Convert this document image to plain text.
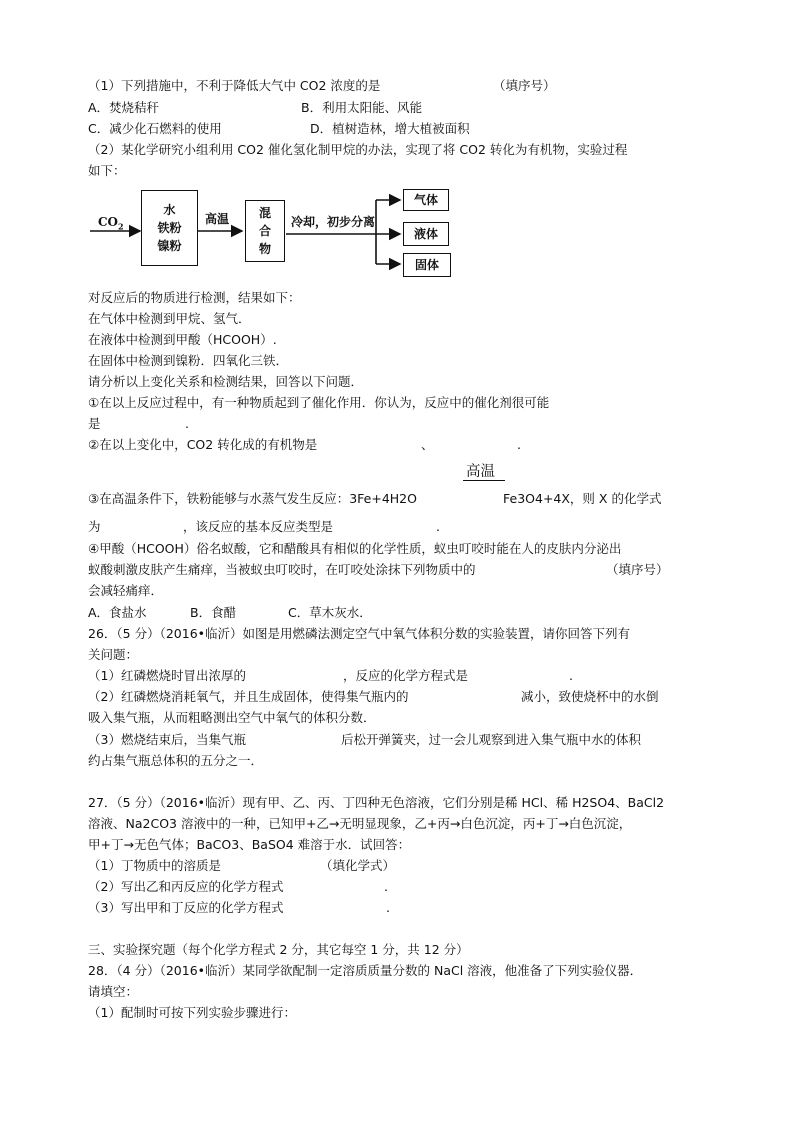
（1）下列措施中，不利于降低大气中 CO2 浓度的是	（填序号）
A．焚烧秸秆	B．利用太阳能、风能
C．减少化石燃料的使用	D．植树造林，增大植被面积
（2）某化学研究小组利用 CO2 催化氢化制甲烷的办法，实现了将 CO2 转化为有机物，实验过程
如下：
$CO_2$
水
铁粉
镍粉
高温 混
合
物
冷却，初步分离
气体
液体
固体
对反应后的物质进行检测，结果如下：
在气体中检测到甲烷、氢气．
在液体中检测到甲酸（HCOOH）.
在固体中检测到镍粉．四氧化三铁．
请分析以上变化关系和检测结果，回答以下问题．
①在以上反应过程中，有一种物质起到了催化作用．你认为，反应中的催化剂很可能
是	.
②在以上变化中，CO2 转化成的有机物是	、	.
高温
③在高温条件下，铁粉能够与水蒸气发生反应：3Fe+4H2O	Fe3O4+4X，则 X 的化学式
为	，该反应的基本反应类型是	.
④甲酸（HCOOH）俗名蚁酸，它和醋酸具有相似的化学性质，蚁虫叮咬时能在人的皮肤内分泌出
蚁酸刺激皮肤产生痛痒，当被蚁虫叮咬时，在叮咬处涂抹下列物质中的	（填序号）
会减轻痛痒．
A．食盐水	B．食醋	C．草木灰水．
26．（5 分）（2016•临沂）如图是用燃磷法测定空气中氧气体积分数的实验装置，请你回答下列有
关问题：
（1）红磷燃烧时冒出浓厚的	，反应的化学方程式是	.
（2）红磷燃烧消耗氧气，并且生成固体，使得集气瓶内的	减小，致使烧杯中的水倒
吸入集气瓶，从而粗略测出空气中氧气的体积分数．
（3）燃烧结束后，当集气瓶	后松开弹簧夹，过一会儿观察到进入集气瓶中水的体积
约占集气瓶总体积的五分之一．
27．（5 分）（2016•临沂）现有甲、乙、丙、丁四种无色溶液，它们分别是稀 HCl、稀 H2SO4、BaCl2
溶液、Na2CO3 溶液中的一种，已知甲+乙→无明显现象，乙+丙→白色沉淀，丙+丁→白色沉淀，
甲+丁→无色气体；BaCO3、BaSO4 难溶于水．试回答：
（1）丁物质中的溶质是	（填化学式）
（2）写出乙和丙反应的化学方程式	.
（3）写出甲和丁反应的化学方程式	.
三、实验探究题（每个化学方程式 2 分，其它每空 1 分，共 12 分）
28．（4 分）（2016•临沂）某同学欲配制一定溶质质量分数的 NaCl 溶液，他准备了下列实验仪器．
请填空：
（1）配制时可按下列实验步骤进行：
